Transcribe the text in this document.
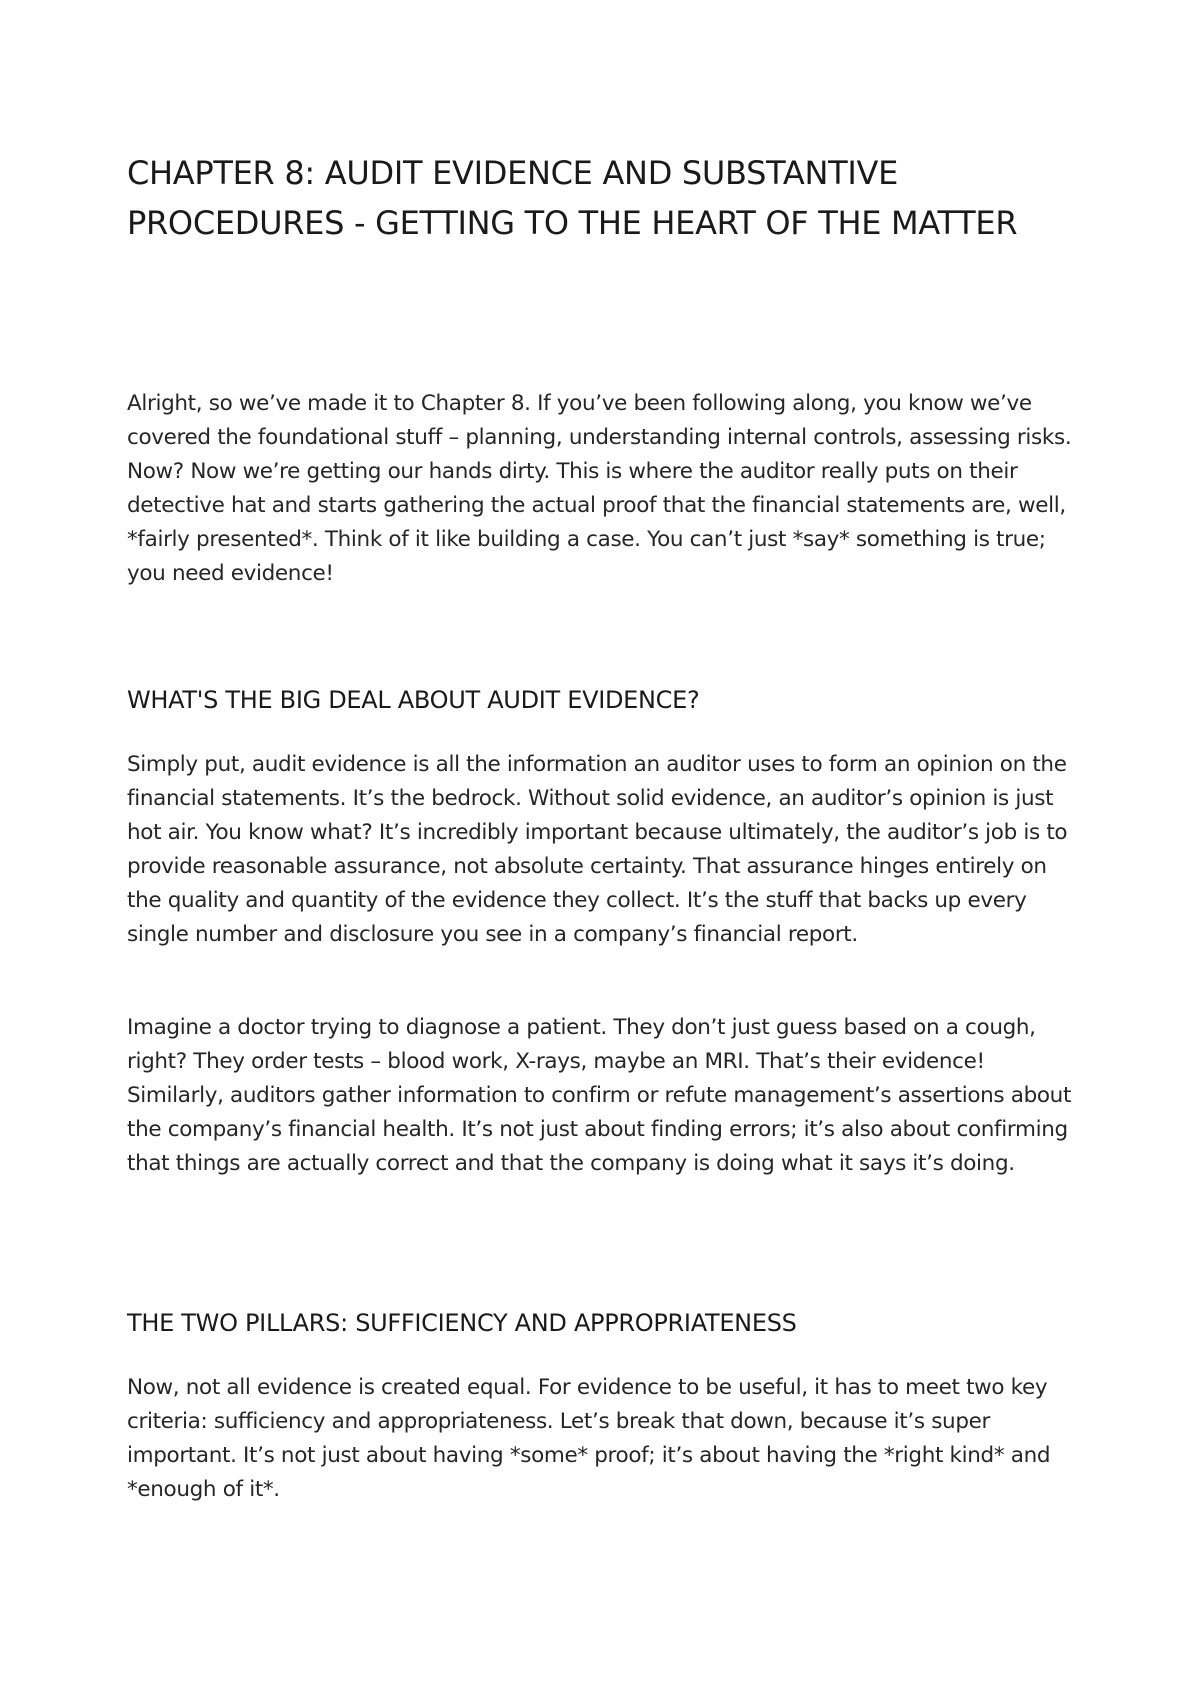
CHAPTER 8: AUDIT EVIDENCE AND SUBSTANTIVE PROCEDURES - GETTING TO THE HEART OF THE MATTER

Alright, so we’ve made it to Chapter 8. If you’ve been following along, you know we’ve covered the foundational stuff – planning, understanding internal controls, assessing risks. Now? Now we’re getting our hands dirty. This is where the auditor really puts on their detective hat and starts gathering the actual proof that the financial statements are, well, *fairly presented*. Think of it like building a case. You can’t just *say* something is true; you need evidence!

WHAT'S THE BIG DEAL ABOUT AUDIT EVIDENCE?

Simply put, audit evidence is all the information an auditor uses to form an opinion on the financial statements. It’s the bedrock. Without solid evidence, an auditor’s opinion is just hot air. You know what? It’s incredibly important because ultimately, the auditor’s job is to provide reasonable assurance, not absolute certainty. That assurance hinges entirely on the quality and quantity of the evidence they collect. It’s the stuff that backs up every single number and disclosure you see in a company’s financial report.

Imagine a doctor trying to diagnose a patient. They don’t just guess based on a cough, right? They order tests – blood work, X-rays, maybe an MRI. That’s their evidence! Similarly, auditors gather information to confirm or refute management’s assertions about the company’s financial health. It’s not just about finding errors; it’s also about confirming that things are actually correct and that the company is doing what it says it’s doing.

THE TWO PILLARS: SUFFICIENCY AND APPROPRIATENESS

Now, not all evidence is created equal. For evidence to be useful, it has to meet two key criteria: sufficiency and appropriateness. Let’s break that down, because it’s super important. It’s not just about having *some* proof; it’s about having the *right kind* and *enough of it*.
